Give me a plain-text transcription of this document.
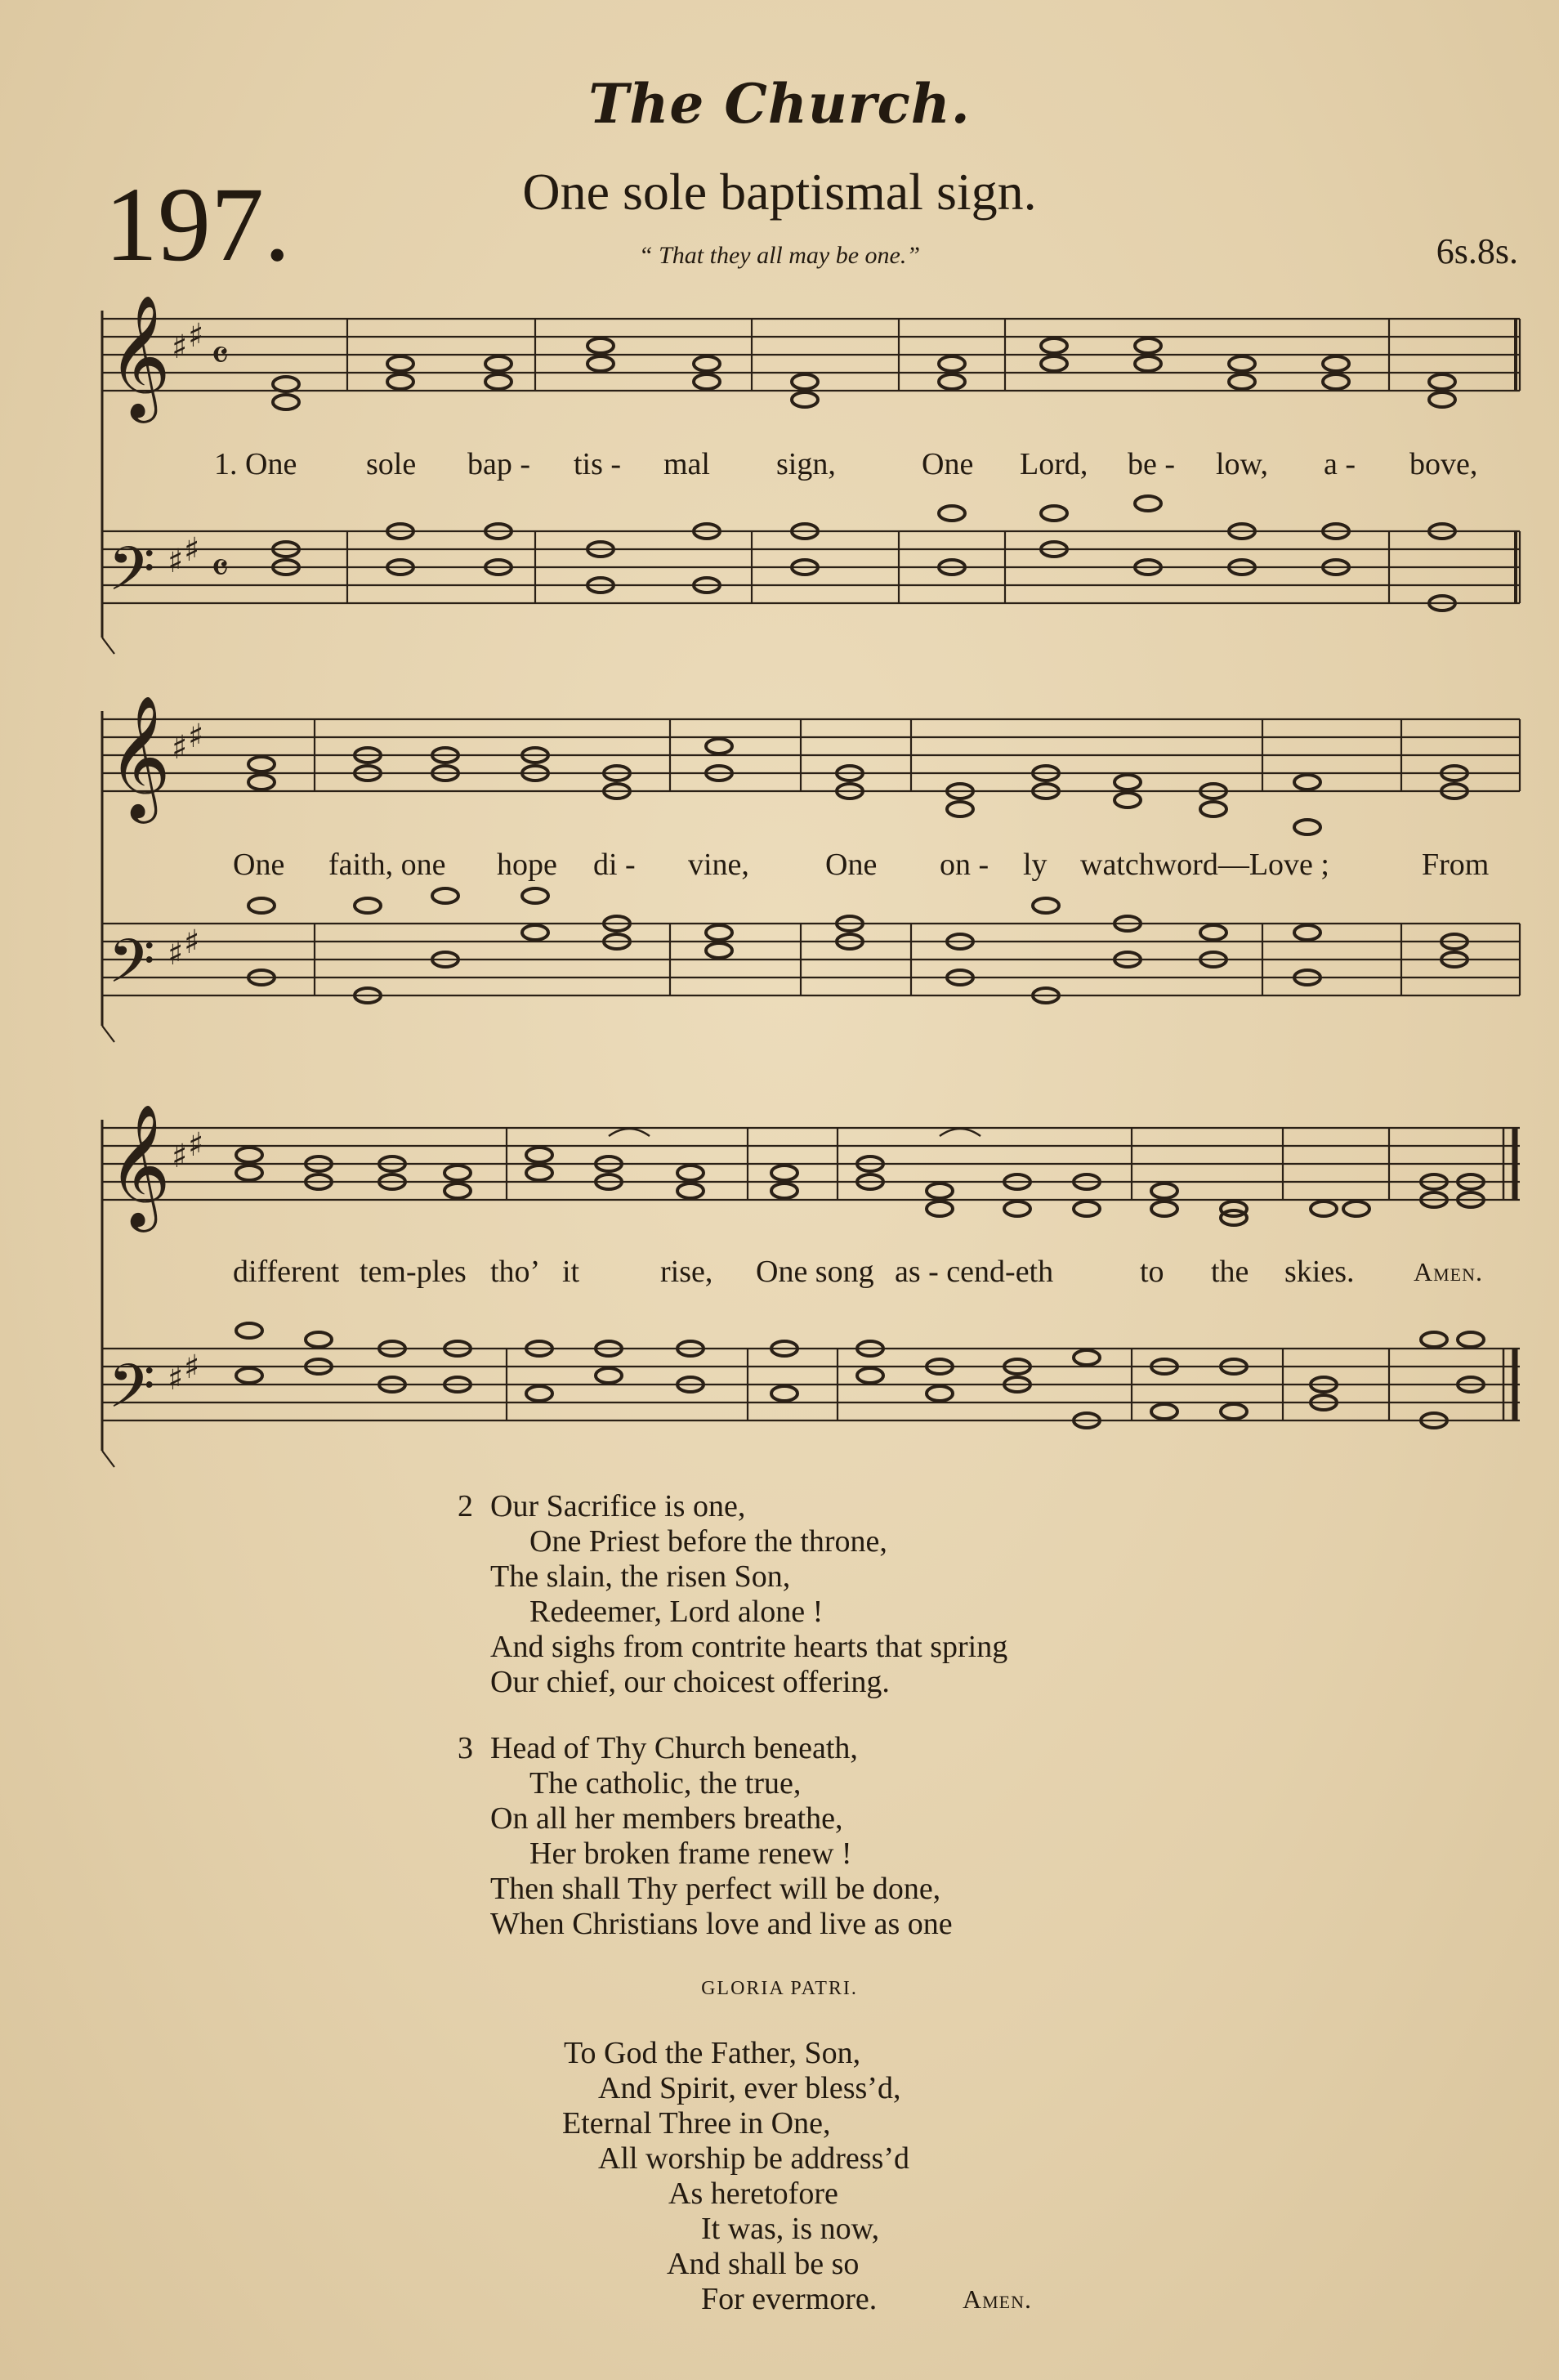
The Church.
197.	One sole baptismal sign.
“ That they all may be one.”	6s.8s.
𝄞
𝄢
♯ ♯
♯ ♯
𝄴
𝄴
1. One sole bap - tis - mal sign,	One Lord, be - low, a - bove,
𝄞
𝄢
♯ ♯
♯ ♯
One faith, one hope di - vine, One on - ly watchword—Love ;	From
𝄞
𝄢
♯ ♯
♯ ♯
different tem-ples tho’ it	rise, One song as - cend-eth	to the skies. Amen.
2 Our Sacrifice is one,
One Priest before the throne,
The slain, the risen Son,
Redeemer, Lord alone !
And sighs from contrite hearts that spring
Our chief, our choicest offering.
3 Head of Thy Church beneath,
The catholic, the true,
On all her members breathe,
Her broken frame renew !
Then shall Thy perfect will be done,
When Christians love and live as one
GLORIA PATRI.
To God the Father, Son,
And Spirit, ever bless’d,
Eternal Three in One,
All worship be address’d
As heretofore
It was, is now,
And shall be so
For evermore.	Amen.
